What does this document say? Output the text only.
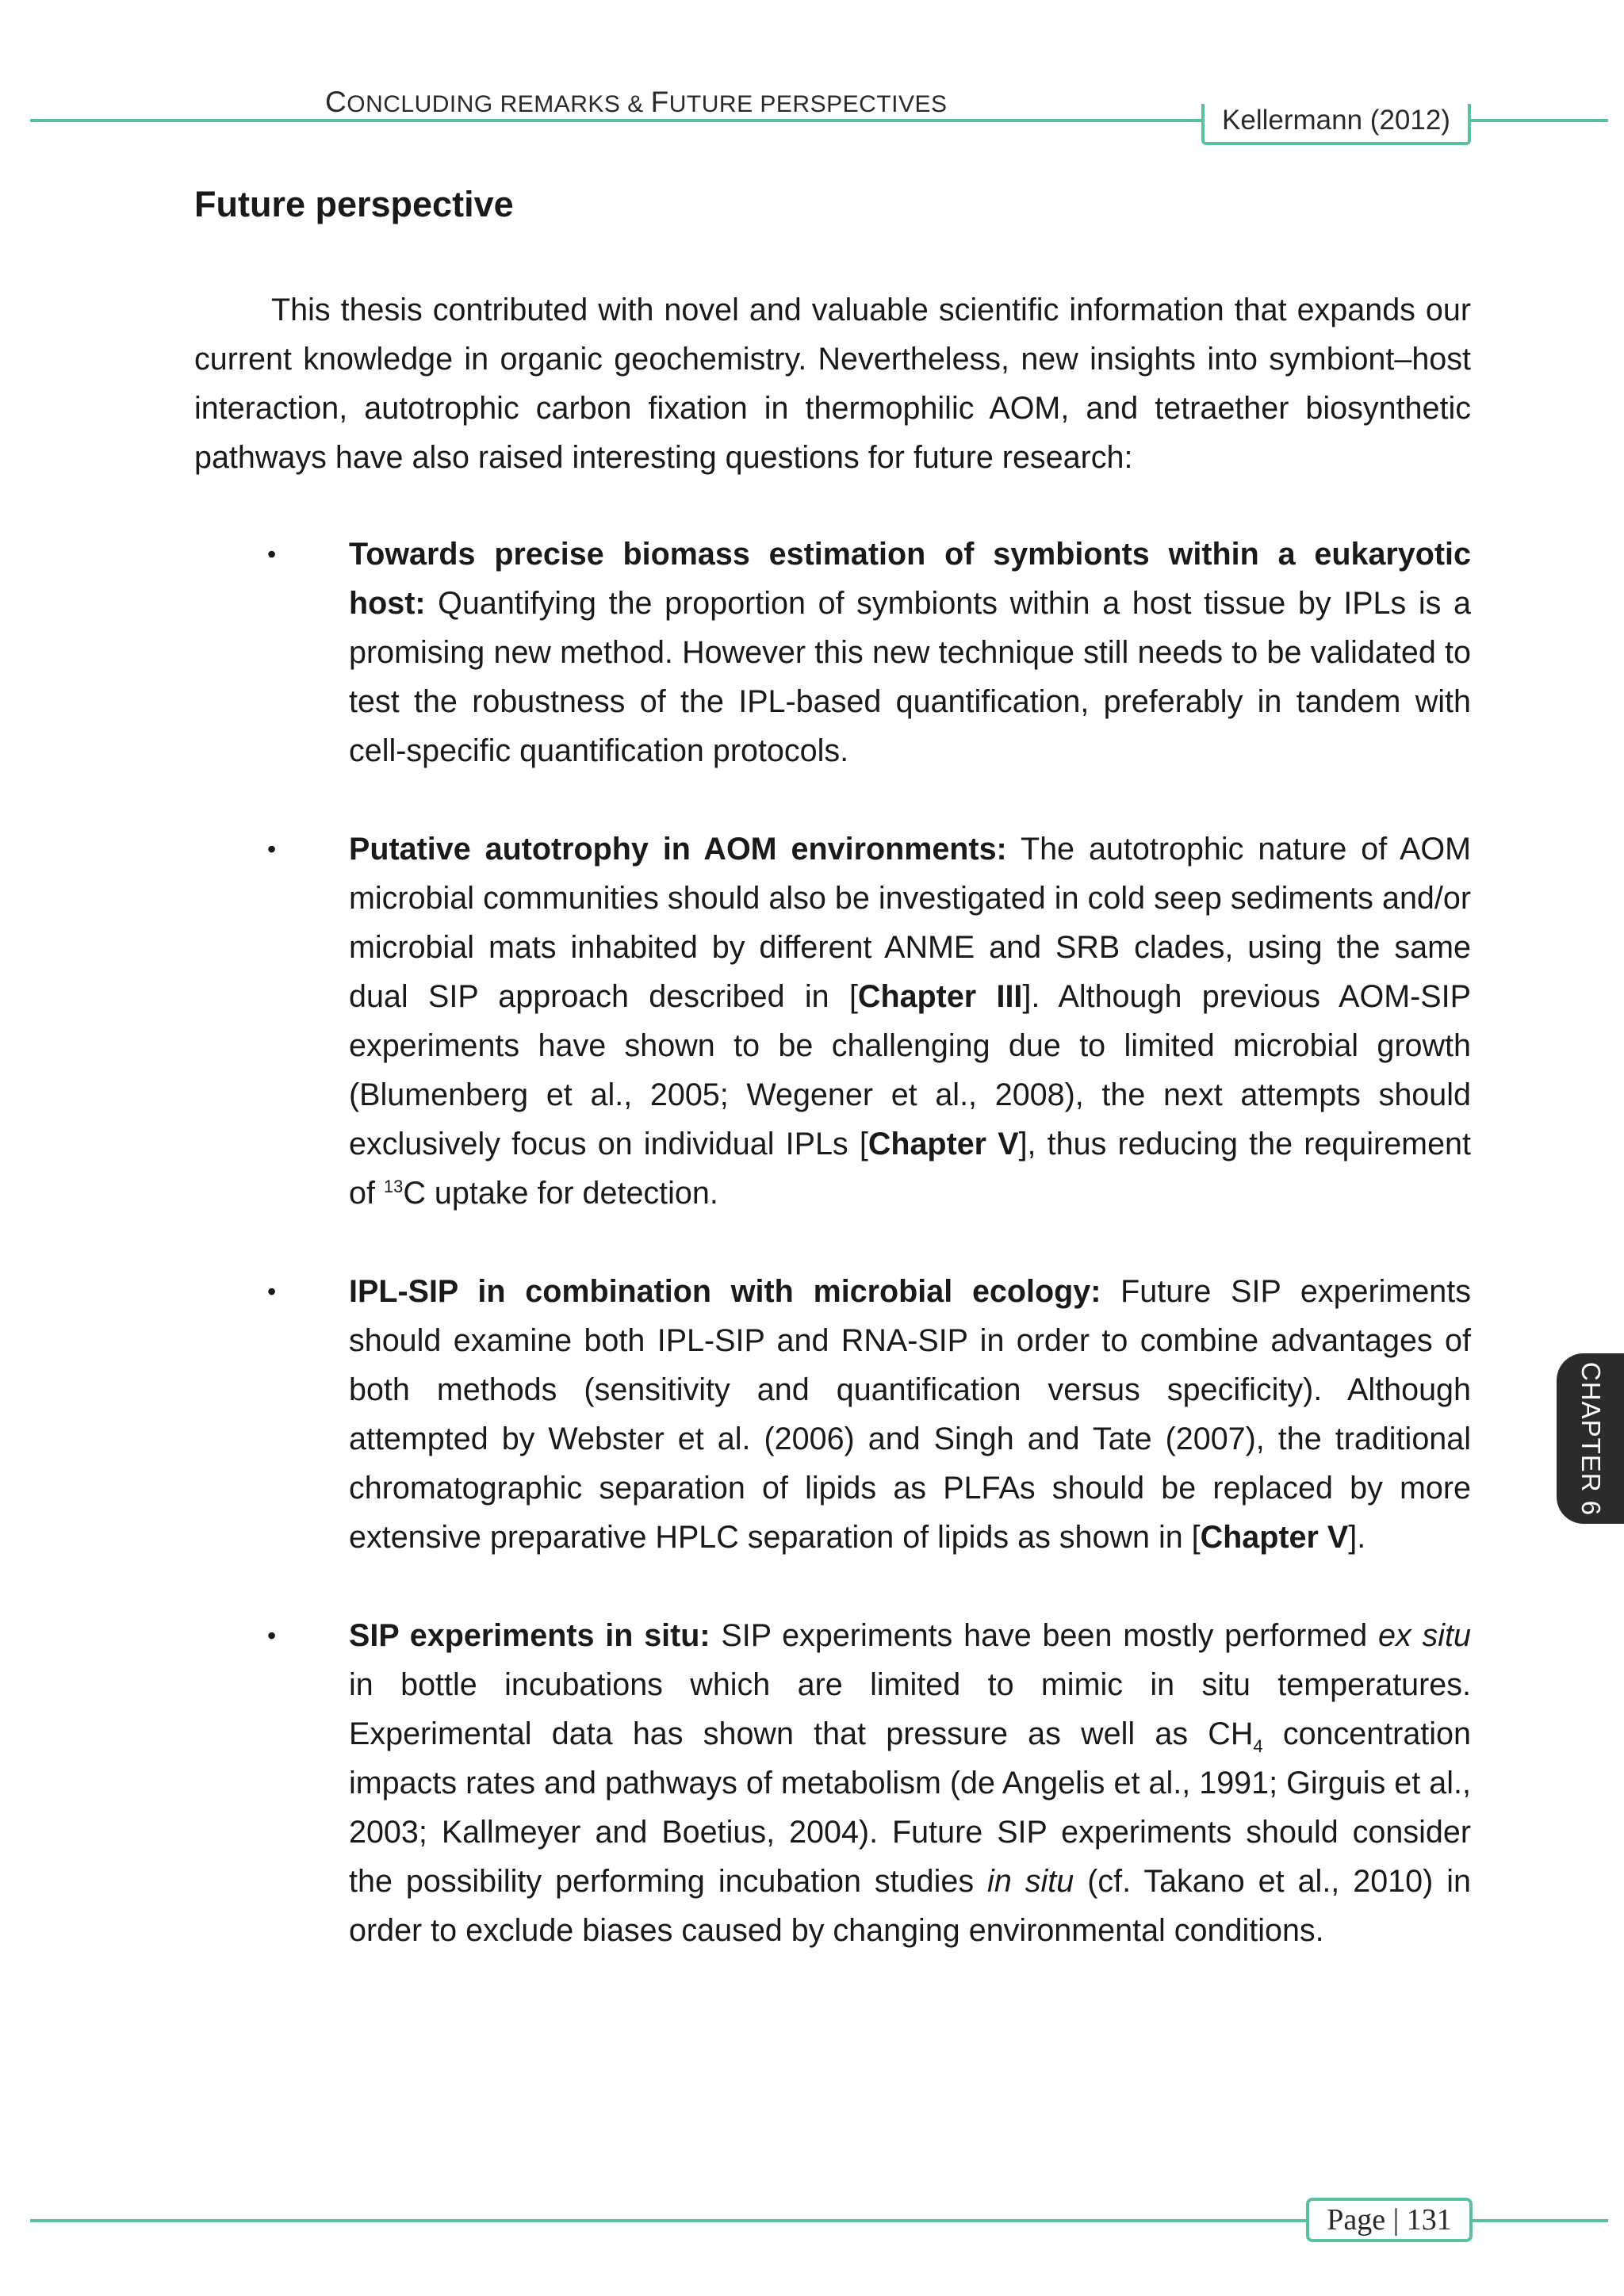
CONCLUDING REMARKS & FUTURE PERSPECTIVES
Kellermann (2012)
Future perspective

This thesis contributed with novel and valuable scientific information that expands our current knowledge in organic geochemistry. Nevertheless, new insights into symbiont–host interaction, autotrophic carbon fixation in thermophilic AOM, and tetraether biosynthetic pathways have also raised interesting questions for future research:

• Towards precise biomass estimation of symbionts within a eukaryotic host: Quantifying the proportion of symbionts within a host tissue by IPLs is a promising new method. However this new technique still needs to be validated to test the robustness of the IPL-based quantification, preferably in tandem with cell-specific quantification protocols.
• Putative autotrophy in AOM environments: The autotrophic nature of AOM microbial communities should also be investigated in cold seep sediments and/or microbial mats inhabited by different ANME and SRB clades, using the same dual SIP approach described in [Chapter III]. Although previous AOM-SIP experiments have shown to be challenging due to limited microbial growth (Blumenberg et al., 2005; Wegener et al., 2008), the next attempts should exclusively focus on individual IPLs [Chapter V], thus reducing the requirement of $^{13}$C uptake for detection.
• IPL-SIP in combination with microbial ecology: Future SIP experiments should examine both IPL-SIP and RNA-SIP in order to combine advantages of both methods (sensitivity and quantification versus specificity). Although attempted by Webster et al. (2006) and Singh and Tate (2007), the traditional chromatographic separation of lipids as PLFAs should be replaced by more extensive preparative HPLC separation of lipids as shown in [Chapter V].
• SIP experiments in situ: SIP experiments have been mostly performed ex situ in bottle incubations which are limited to mimic in situ temperatures. Experimental data has shown that pressure as well as $CH_4$ concentration impacts rates and pathways of metabolism (de Angelis et al., 1991; Girguis et al., 2003; Kallmeyer and Boetius, 2004). Future SIP experiments should consider the possibility performing incubation studies in situ (cf. Takano et al., 2010) in order to exclude biases caused by changing environmental conditions.
CHAPTER 6
Page | 131
